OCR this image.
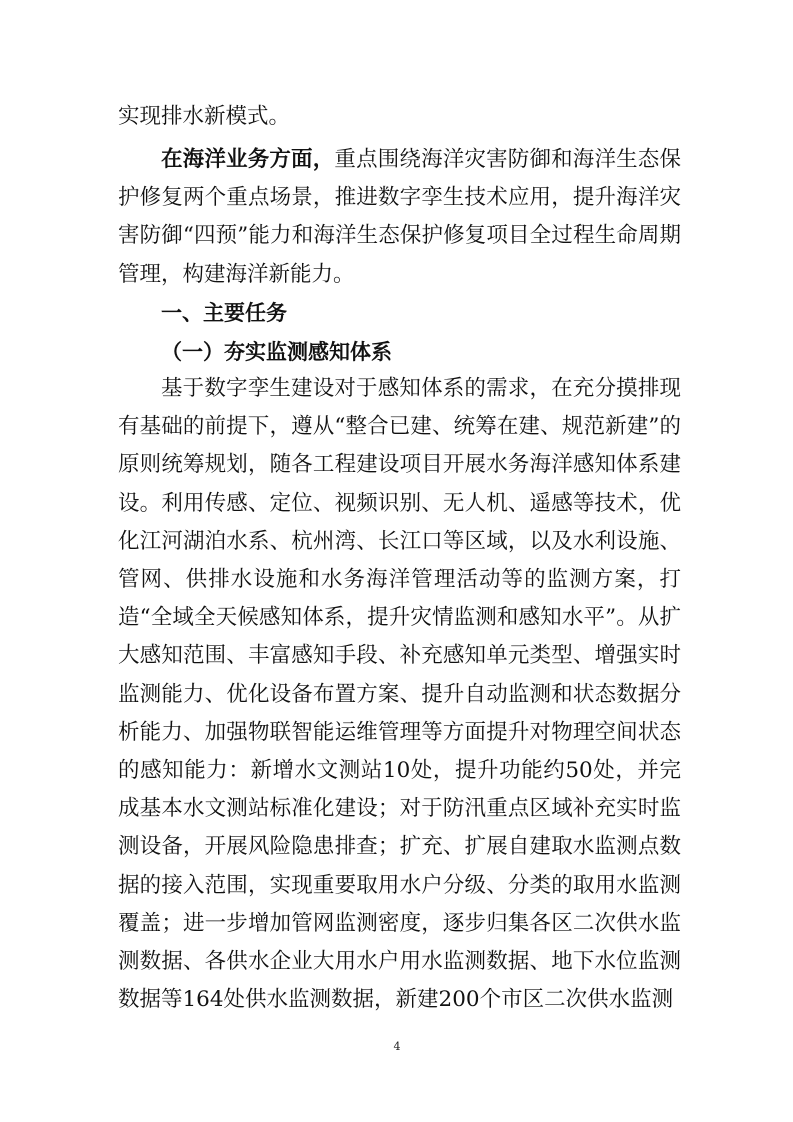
实现排水新模式。
在海洋业务方面，重点围绕海洋灾害防御和海洋生态保护修复两个重点场景，推进数字孪生技术应用，提升海洋灾害防御“四预”能力和海洋生态保护修复项目全过程生命周期管理，构建海洋新能力。
一、主要任务
（一）夯实监测感知体系
基于数字孪生建设对于感知体系的需求，在充分摸排现有基础的前提下，遵从“整合已建、统筹在建、规范新建”的原则统筹规划，随各工程建设项目开展水务海洋感知体系建设。利用传感、定位、视频识别、无人机、遥感等技术，优化江河湖泊水系、杭州湾、长江口等区域，以及水利设施、管网、供排水设施和水务海洋管理活动等的监测方案，打造“全域全天候感知体系，提升灾情监测和感知水平”。从扩大感知范围、丰富感知手段、补充感知单元类型、增强实时监测能力、优化设备布置方案、提升自动监测和状态数据分析能力、加强物联智能运维管理等方面提升对物理空间状态的感知能力：新增水文测站10处，提升功能约50处，并完成基本水文测站标准化建设；对于防汛重点区域补充实时监测设备，开展风险隐患排查；扩充、扩展自建取水监测点数据的接入范围，实现重要取用水户分级、分类的取用水监测覆盖；进一步增加管网监测密度，逐步归集各区二次供水监测数据、各供水企业大用水户用水监测数据、地下水位监测数据等164处供水监测数据，新建200个市区二次供水监测
4
